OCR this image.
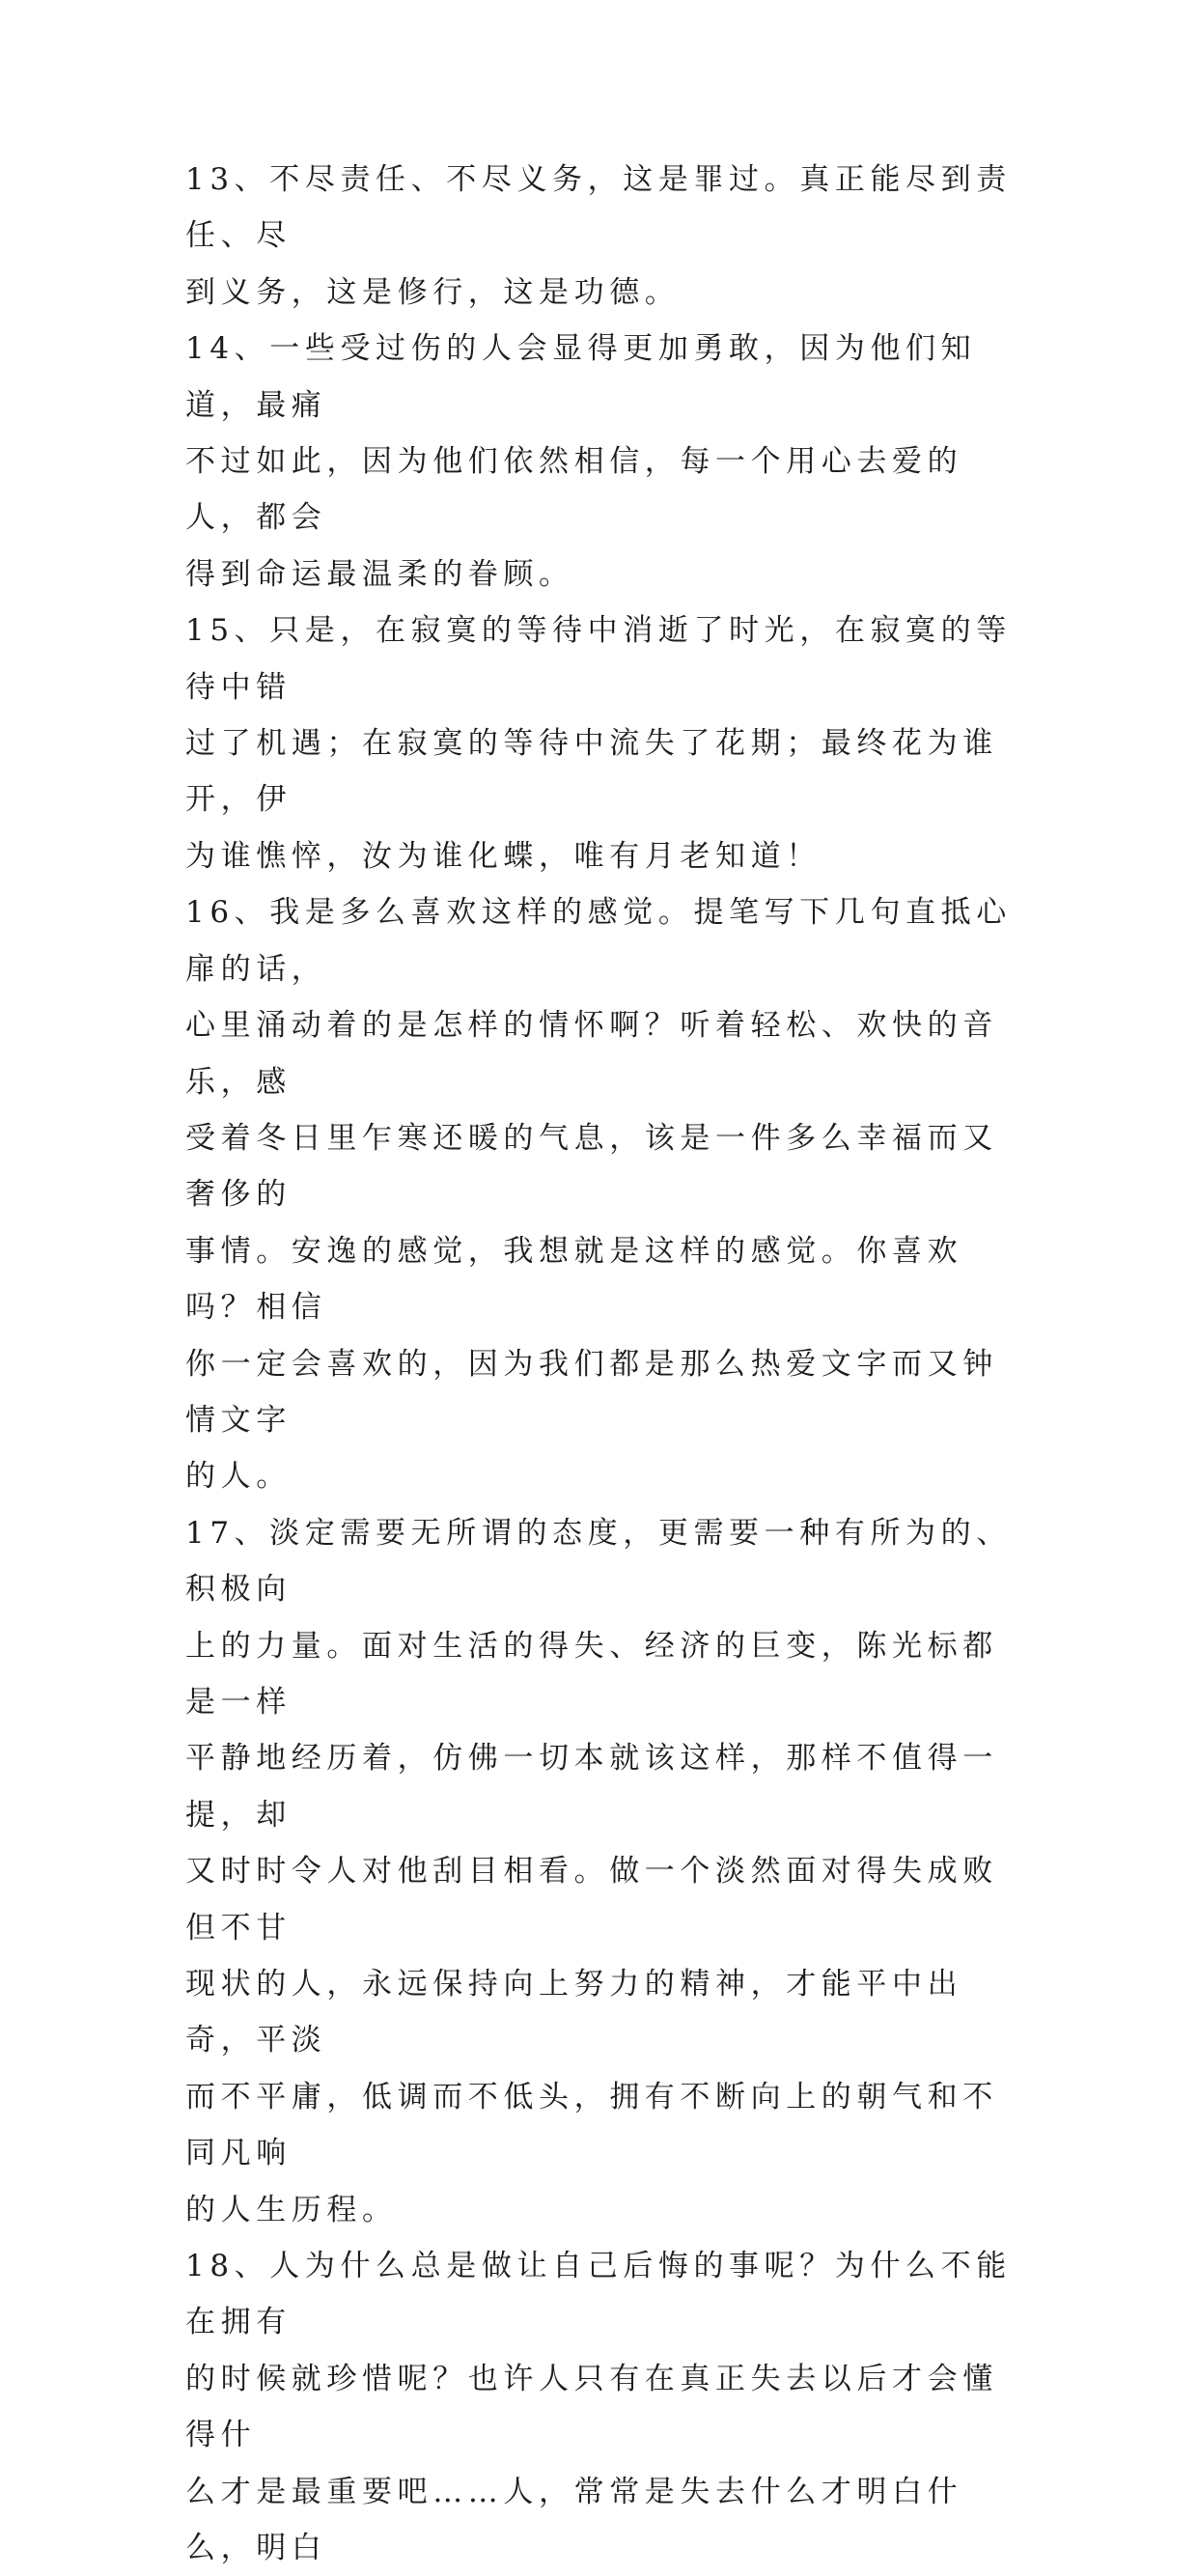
13、不尽责任、不尽义务，这是罪过。真正能尽到责任、尽
到义务，这是修行，这是功德。

14、一些受过伤的人会显得更加勇敢，因为他们知道，最痛
不过如此，因为他们依然相信，每一个用心去爱的人，都会
得到命运最温柔的眷顾。

15、只是，在寂寞的等待中消逝了时光，在寂寞的等待中错
过了机遇；在寂寞的等待中流失了花期；最终花为谁开，伊
为谁憔悴，汝为谁化蝶，唯有月老知道！

16、我是多么喜欢这样的感觉。提笔写下几句直抵心扉的话，
心里涌动着的是怎样的情怀啊？听着轻松、欢快的音乐，感
受着冬日里乍寒还暖的气息，该是一件多么幸福而又奢侈的
事情。安逸的感觉，我想就是这样的感觉。你喜欢吗？相信
你一定会喜欢的，因为我们都是那么热爱文字而又钟情文字
的人。

17、淡定需要无所谓的态度，更需要一种有所为的、积极向
上的力量。面对生活的得失、经济的巨变，陈光标都是一样
平静地经历着，仿佛一切本就该这样，那样不值得一提，却
又时时令人对他刮目相看。做一个淡然面对得失成败但不甘
现状的人，永远保持向上努力的精神，才能平中出奇，平淡
而不平庸，低调而不低头，拥有不断向上的朝气和不同凡响
的人生历程。

18、人为什么总是做让自己后悔的事呢？为什么不能在拥有
的时候就珍惜呢？也许人只有在真正失去以后才会懂得什
么才是最重要吧……人，常常是失去什么才明白什么，明白
